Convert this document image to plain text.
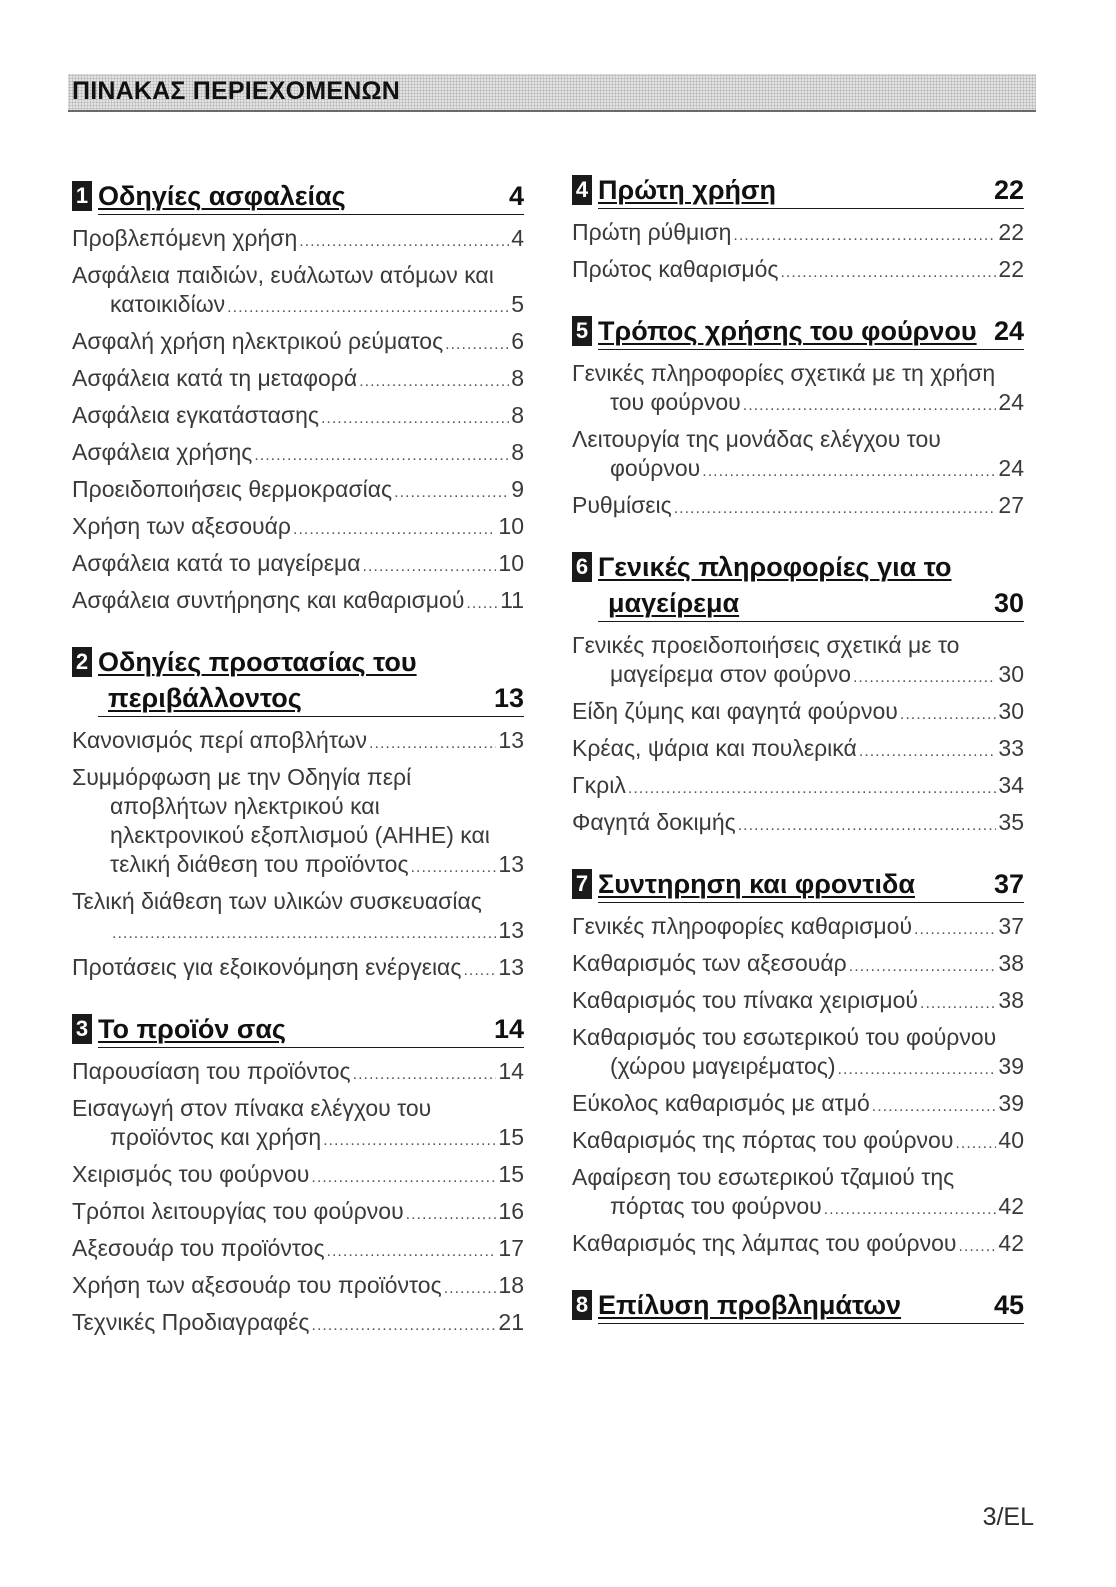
ΠΙΝΑΚΑΣ ΠΕΡΙΕΧΟΜΕΝΩΝ
1 Οδηγίες ασφαλείας	4
Προβλεπόμενη χρήση .....	4
Ασφάλεια παιδιών, ευάλωτων ατόμων και
κατοικιδίων .....	5
Ασφαλή χρήση ηλεκτρικού ρεύματος .....	6
Ασφάλεια κατά τη μεταφορά .....	8
Ασφάλεια εγκατάστασης .....	8
Ασφάλεια χρήσης .....	8
Προειδοποιήσεις θερμοκρασίας .....	9
Χρήση των αξεσουάρ .....	10
Ασφάλεια κατά το μαγείρεμα .....	10
Ασφάλεια συντήρησης και καθαρισμού ..... 11
2 Οδηγίες προστασίας του
περιβάλλοντος	13
Κανονισμός περί αποβλήτων .....	13
Συμμόρφωση με την Οδηγία περί
αποβλήτων ηλεκτρικού και
ηλεκτρονικού εξοπλισμού (ΑΗΗΕ) και
τελική διάθεση του προϊόντος .....	13
Τελική διάθεση των υλικών συσκευασίας
.....
13
Προτάσεις για εξοικονόμηση ενέργειας ..... 13
3 Το προϊόν σας	14
Παρουσίαση του προϊόντος .....	14
Εισαγωγή στον πίνακα ελέγχου του
προϊόντος και χρήση .....	15
Χειρισμός του φούρνου .....	15
Τρόποι λειτουργίας του φούρνου .....	16
Αξεσουάρ του προϊόντος .....	17
Χρήση των αξεσουάρ του προϊόντος ..... 18
Τεχνικές Προδιαγραφές .....	21
4 Πρώτη χρήση	22
Πρώτη ρύθμιση .....	22
Πρώτος καθαρισμός .....	22
5 Τρόπος χρήσης του φούρνου 24
Γενικές πληροφορίες σχετικά με τη χρήση
του φούρνου .....	24
Λειτουργία της μονάδας ελέγχου του
φούρνου .....	24
Ρυθμίσεις .....	27
6 Γενικές πληροφορίες για το
μαγείρεμα	30
Γενικές προειδοποιήσεις σχετικά με το
μαγείρεμα στον φούρνο .....	30
Είδη ζύμης και φαγητά φούρνου .....	30
Κρέας, ψάρια και πουλερικά .....	33
Γκριλ .....	34
Φαγητά δοκιμής .....	35
7 Συντηρηση και φροντιδα	37
Γενικές πληροφορίες καθαρισμού .....	37
Καθαρισμός των αξεσουάρ .....	38
Καθαρισμός του πίνακα χειρισμού .....	38
Καθαρισμός του εσωτερικού του φούρνου
(χώρου μαγειρέματος) .....	39
Εύκολος καθαρισμός με ατμό .....	39
Καθαρισμός της πόρτας του φούρνου ..... 40
Αφαίρεση του εσωτερικού τζαμιού της
πόρτας του φούρνου .....	42
Καθαρισμός της λάμπας του φούρνου ..... 42
8 Επίλυση προβλημάτων	45
3/EL
